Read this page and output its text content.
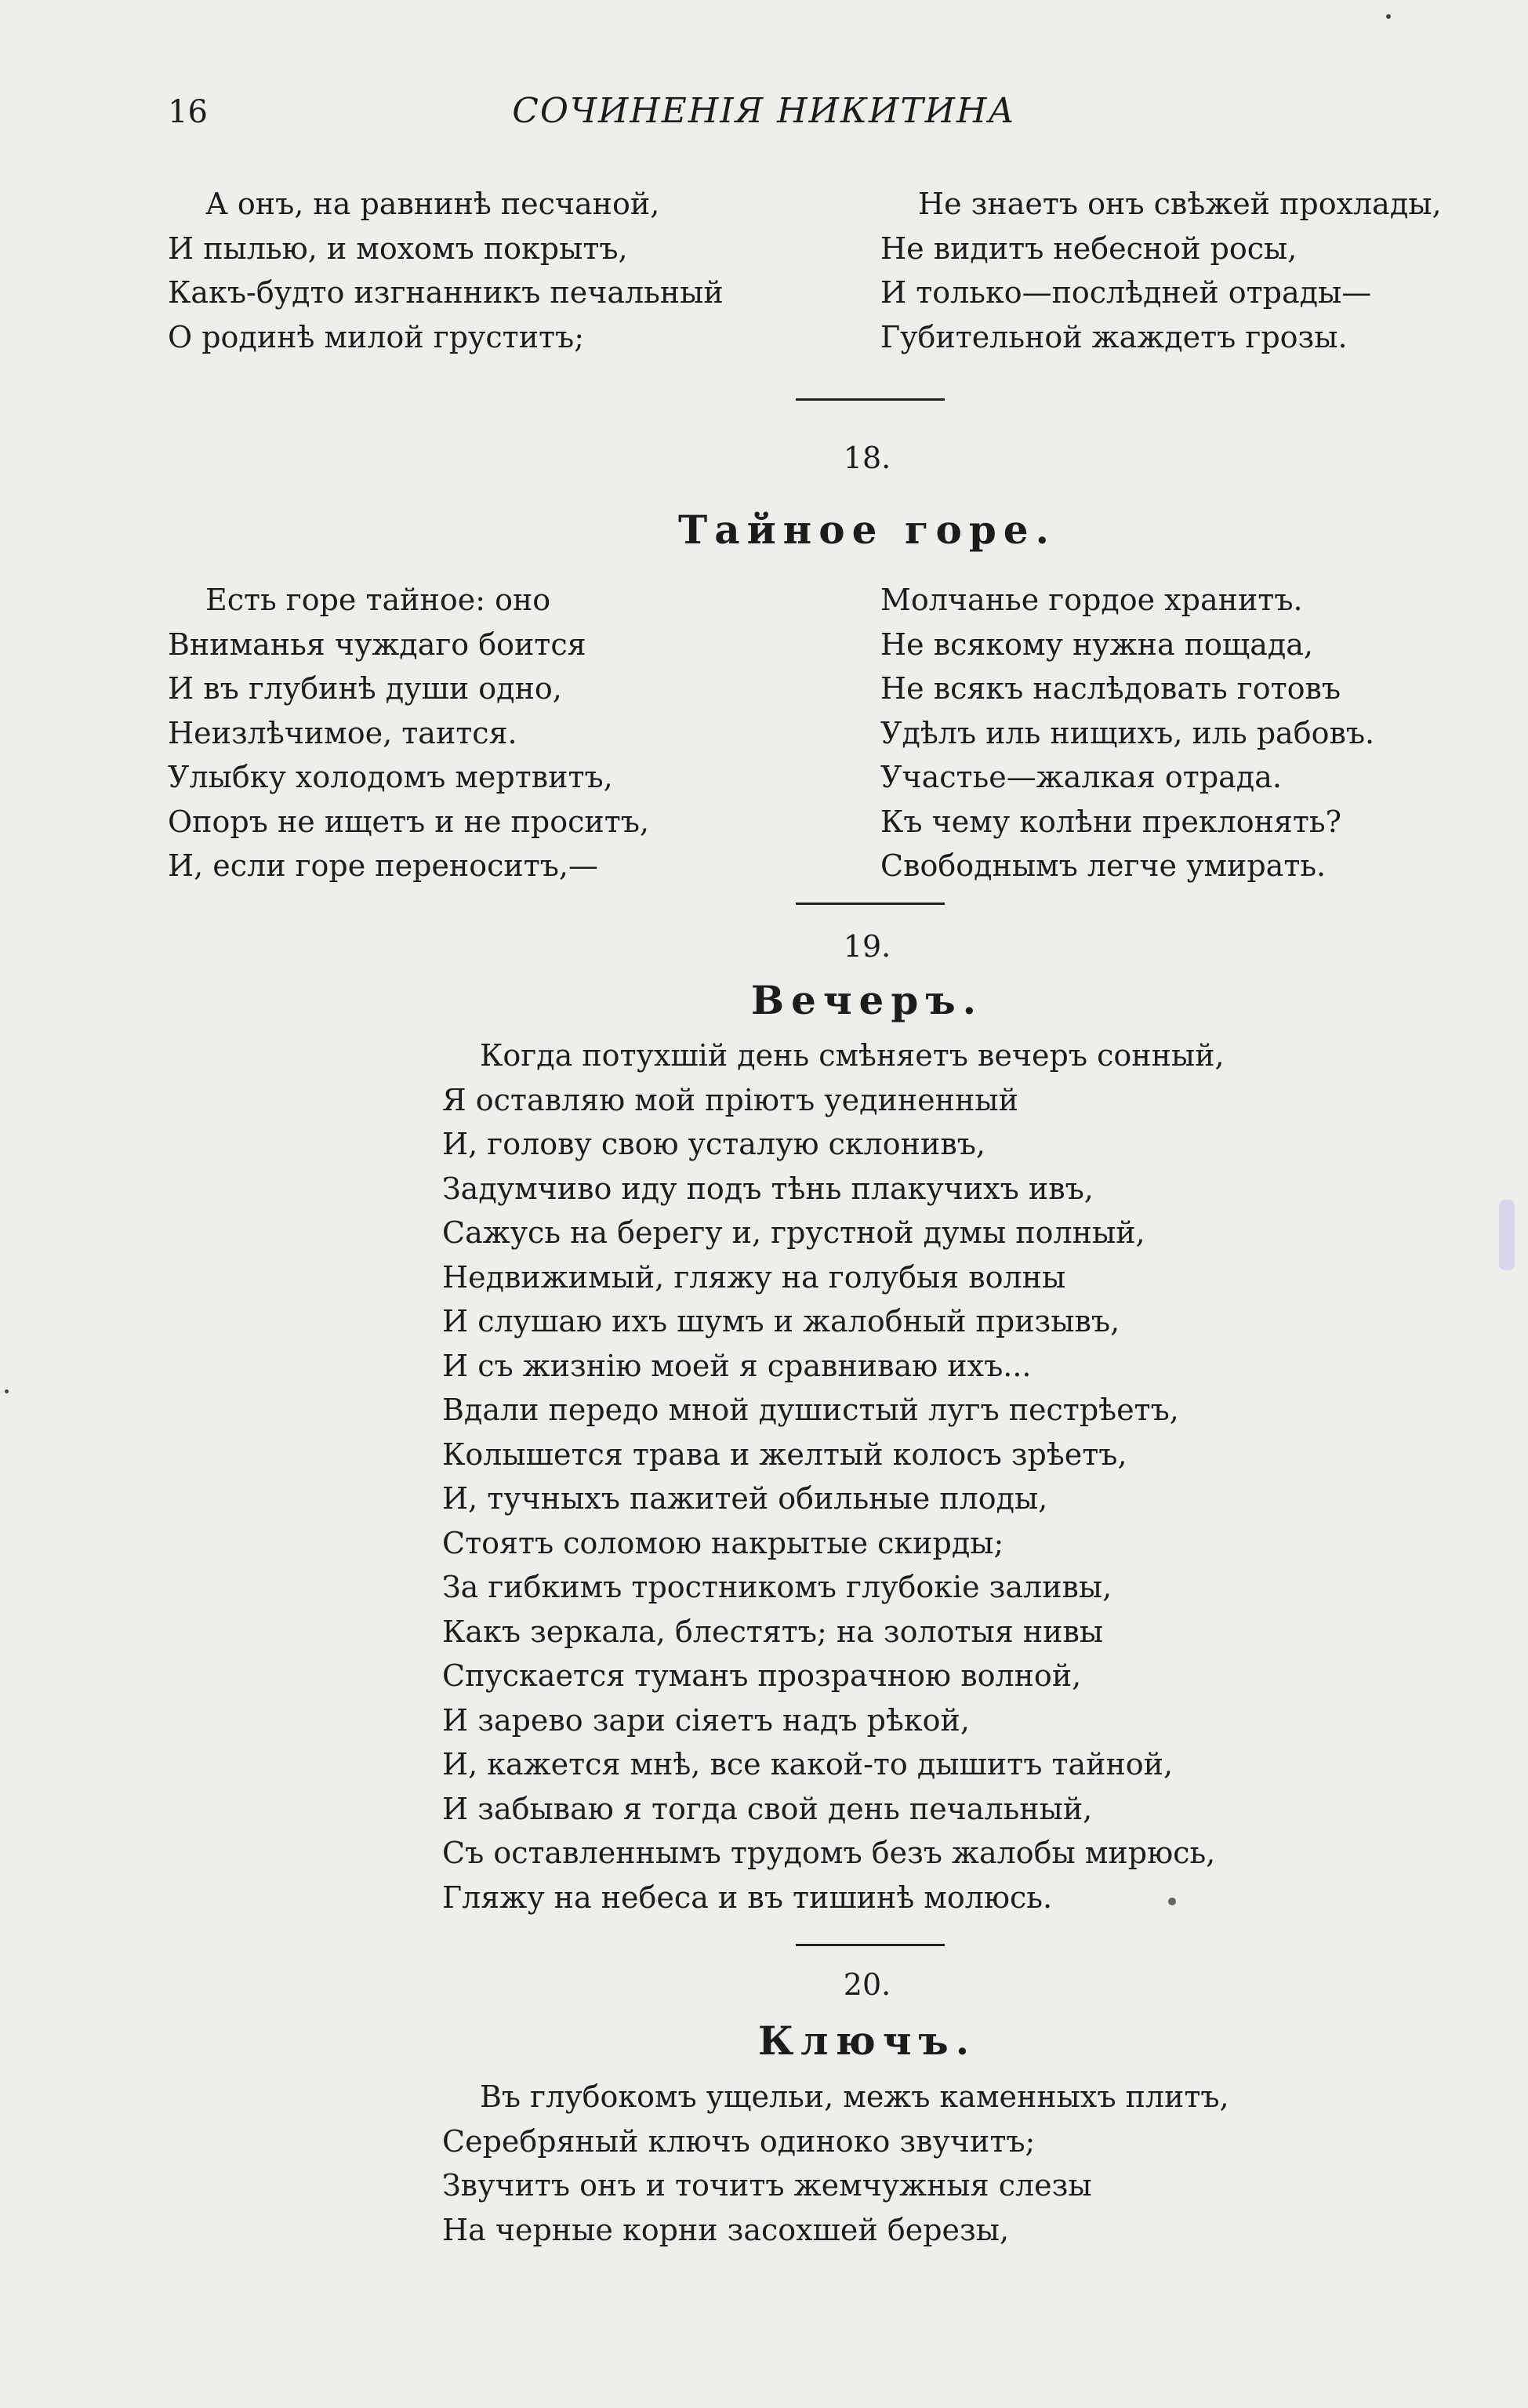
16	СОЧИНЕНІЯ НИКИТИНА
А онъ, на равнинѣ песчаной,
И пылью, и мохомъ покрытъ,
Какъ-будто изгнанникъ печальный
О родинѣ милой груститъ;
Не знаетъ онъ свѣжей прохлады,
Не видитъ небесной росы,
И только—послѣдней отрады—
Губительной жаждетъ грозы.
18.
Тайное горе.
Есть горе тайное: оно
Вниманья чуждаго боится
И въ глубинѣ души одно,
Неизлѣчимое, таится.
Улыбку холодомъ мертвитъ,
Опоръ не ищетъ и не проситъ,
И, если горе переноситъ,—
Молчанье гордое хранитъ.
Не всякому нужна пощада,
Не всякъ наслѣдовать готовъ
Удѣлъ иль нищихъ, иль рабовъ.
Участье—жалкая отрада.
Къ чему колѣни преклонять?
Свободнымъ легче умирать.
19.
Вечеръ.
Когда потухшій день смѣняетъ вечеръ сонный,
Я оставляю мой пріютъ уединенный
И, голову свою усталую склонивъ,
Задумчиво иду подъ тѣнь плакучихъ ивъ,
Сажусь на берегу и, грустной думы полный,
Недвижимый, гляжу на голубыя волны
И слушаю ихъ шумъ и жалобный призывъ,
И съ жизнію моей я сравниваю ихъ...
Вдали передо мной душистый лугъ пестрѣетъ,
Колышется трава и желтый колосъ зрѣетъ,
И, тучныхъ пажитей обильные плоды,
Стоятъ соломою накрытые скирды;
За гибкимъ тростникомъ глубокіе заливы,
Какъ зеркала, блестятъ; на золотыя нивы
Спускается туманъ прозрачною волной,
И зарево зари сіяетъ надъ рѣкой,
И, кажется мнѣ, все какой-то дышитъ тайной,
И забываю я тогда свой день печальный,
Съ оставленнымъ трудомъ безъ жалобы мирюсь,
Гляжу на небеса и въ тишинѣ молюсь.
20.
Ключъ.
Въ глубокомъ ущельи, межъ каменныхъ плитъ,
Серебряный ключъ одиноко звучитъ;
Звучитъ онъ и точитъ жемчужныя слезы
На черные корни засохшей березы,
